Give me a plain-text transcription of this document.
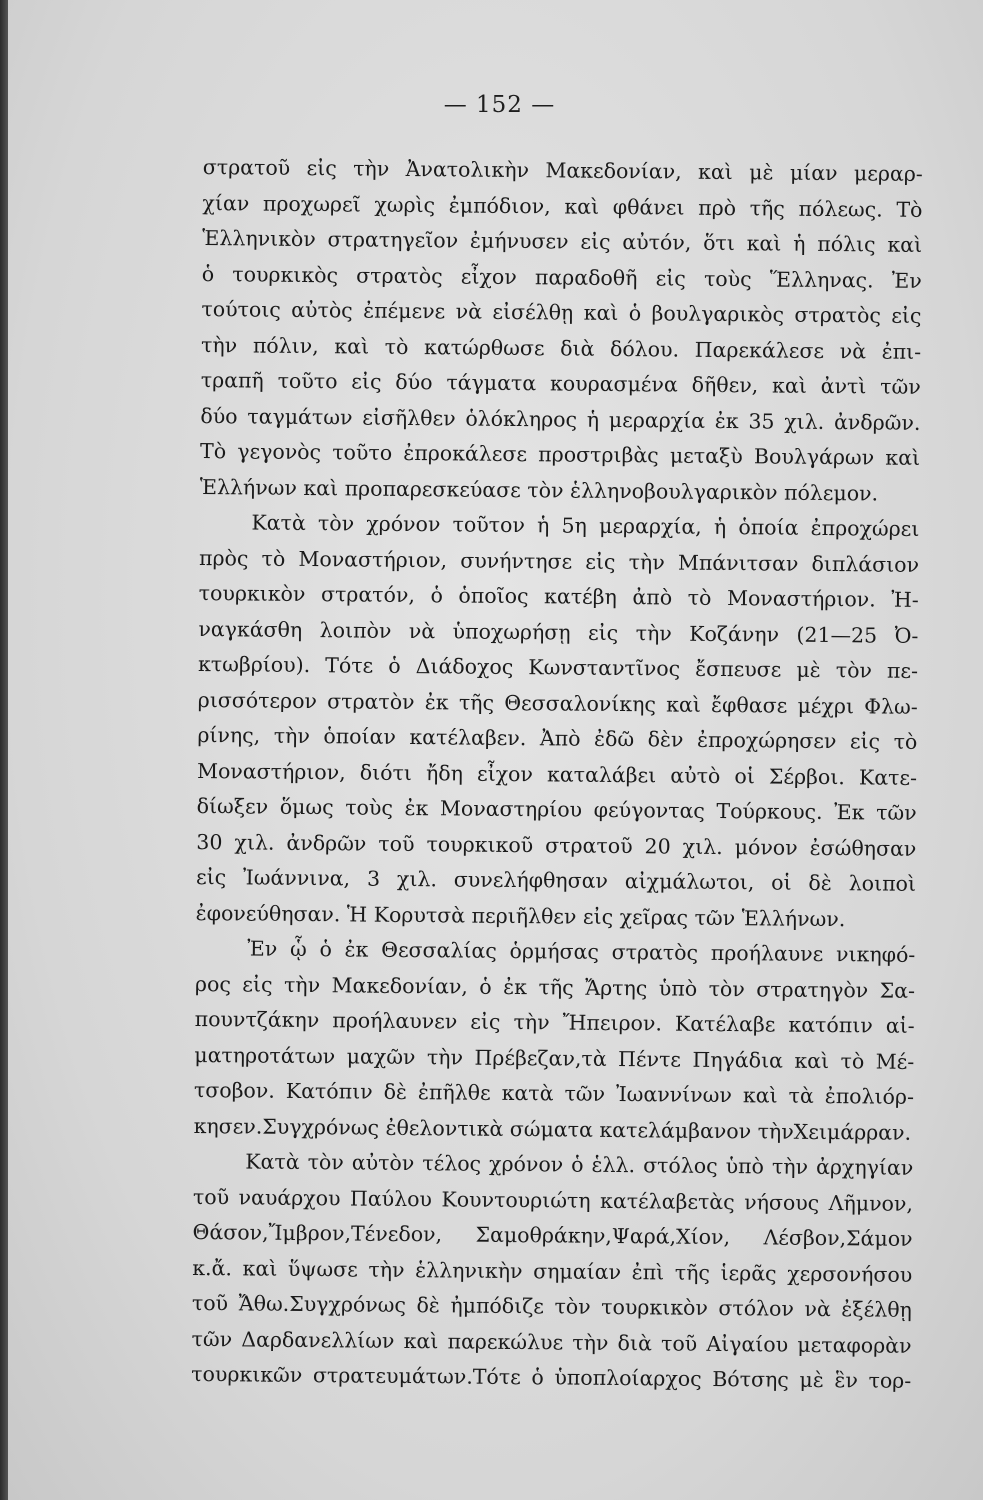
— 152 —
στρατοῦ εἰς τὴν Ἀνατολικὴν Μακεδονίαν, καὶ μὲ μίαν μεραρ-
χίαν προχωρεῖ χωρὶς ἐμπόδιον, καὶ φθάνει πρὸ τῆς πόλεως. Τὸ
Ἑλληνικὸν στρατηγεῖον ἐμήνυσεν εἰς αὐτόν, ὅτι καὶ ἡ πόλις καὶ
ὁ τουρκικὸς στρατὸς εἶχον παραδοθῆ εἰς τοὺς Ἕλληνας. Ἐν
τούτοις αὐτὸς ἐπέμενε νὰ εἰσέλθῃ καὶ ὁ βουλγαρικὸς στρατὸς εἰς
τὴν πόλιν, καὶ τὸ κατώρθωσε διὰ δόλου. Παρεκάλεσε νὰ ἐπι-
τραπῆ τοῦτο εἰς δύο τάγματα κουρασμένα δῆθεν, καὶ ἀντὶ τῶν
δύο ταγμάτων εἰσῆλθεν ὁλόκληρος ἡ μεραρχία ἐκ 35 χιλ. ἀνδρῶν.
Τὸ γεγονὸς τοῦτο ἐπροκάλεσε προστριβὰς μεταξὺ Βουλγάρων καὶ
Ἑλλήνων καὶ προπαρεσκεύασε τὸν ἑλληνοβουλγαρικὸν πόλεμον.
Κατὰ τὸν χρόνον τοῦτον ἡ 5η μεραρχία, ἡ ὁποία ἐπροχώρει
πρὸς τὸ Μοναστήριον, συνήντησε εἰς τὴν Μπάνιτσαν διπλάσιον
τουρκικὸν στρατόν, ὁ ὁποῖος κατέβη ἀπὸ τὸ Μοναστήριον. Ἠ-
ναγκάσθη λοιπὸν νὰ ὑποχωρήσῃ εἰς τὴν Κοζάνην (21—25 Ὀ-
κτωβρίου). Τότε ὁ Διάδοχος Κωνσταντῖνος ἔσπευσε μὲ τὸν πε-
ρισσότερον στρατὸν ἐκ τῆς Θεσσαλονίκης καὶ ἔφθασε μέχρι Φλω-
ρίνης, τὴν ὁποίαν κατέλαβεν. Ἀπὸ ἐδῶ δὲν ἐπροχώρησεν εἰς τὸ
Μοναστήριον, διότι ἤδη εἶχον καταλάβει αὐτὸ οἱ Σέρβοι. Κατε-
δίωξεν ὅμως τοὺς ἐκ Μοναστηρίου φεύγοντας Τούρκους. Ἐκ τῶν
30 χιλ. ἀνδρῶν τοῦ τουρκικοῦ στρατοῦ 20 χιλ. μόνον ἐσώθησαν
εἰς Ἰωάννινα, 3 χιλ. συνελήφθησαν αἰχμάλωτοι, οἱ δὲ λοιποὶ
ἐφονεύθησαν. Ἡ Κορυτσὰ περιῆλθεν εἰς χεῖρας τῶν Ἑλλήνων.
Ἐν ᾧ ὁ ἐκ Θεσσαλίας ὁρμήσας στρατὸς προήλαυνε νικηφό-
ρος εἰς τὴν Μακεδονίαν, ὁ ἐκ τῆς Ἄρτης ὑπὸ τὸν στρατηγὸν Σα-
πουντζάκην προήλαυνεν εἰς τὴν Ἤπειρον. Κατέλαβε κατόπιν αἱ-
ματηροτάτων μαχῶν τὴν Πρέβεζαν,τὰ Πέντε Πηγάδια καὶ τὸ Μέ-
τσοβον. Κατόπιν δὲ ἐπῆλθε κατὰ τῶν Ἰωαννίνων καὶ τὰ ἐπολιόρ-
κησεν.Συγχρόνως ἐθελοντικὰ σώματα κατελάμβανον τὴνΧειμάρραν.
Κατὰ τὸν αὐτὸν τέλος χρόνον ὁ ἑλλ. στόλος ὑπὸ τὴν ἀρχηγίαν
τοῦ ναυάρχου Παύλου Κουντουριώτη κατέλαβετὰς νήσους Λῆμνον,
Θάσον,Ἴμβρον,Τένεδον, Σαμοθράκην,Ψαρά,Χίον, Λέσβον,Σάμον
κ.ἄ. καὶ ὕψωσε τὴν ἑλληνικὴν σημαίαν ἐπὶ τῆς ἱερᾶς χερσονήσου
τοῦ Ἄθω.Συγχρόνως δὲ ἠμπόδιζε τὸν τουρκικὸν στόλον νὰ ἐξέλθῃ
τῶν Δαρδανελλίων καὶ παρεκώλυε τὴν διὰ τοῦ Αἰγαίου μεταφορὰν
τουρκικῶν στρατευμάτων.Τότε ὁ ὑποπλοίαρχος Βότσης μὲ ἓν τορ-
